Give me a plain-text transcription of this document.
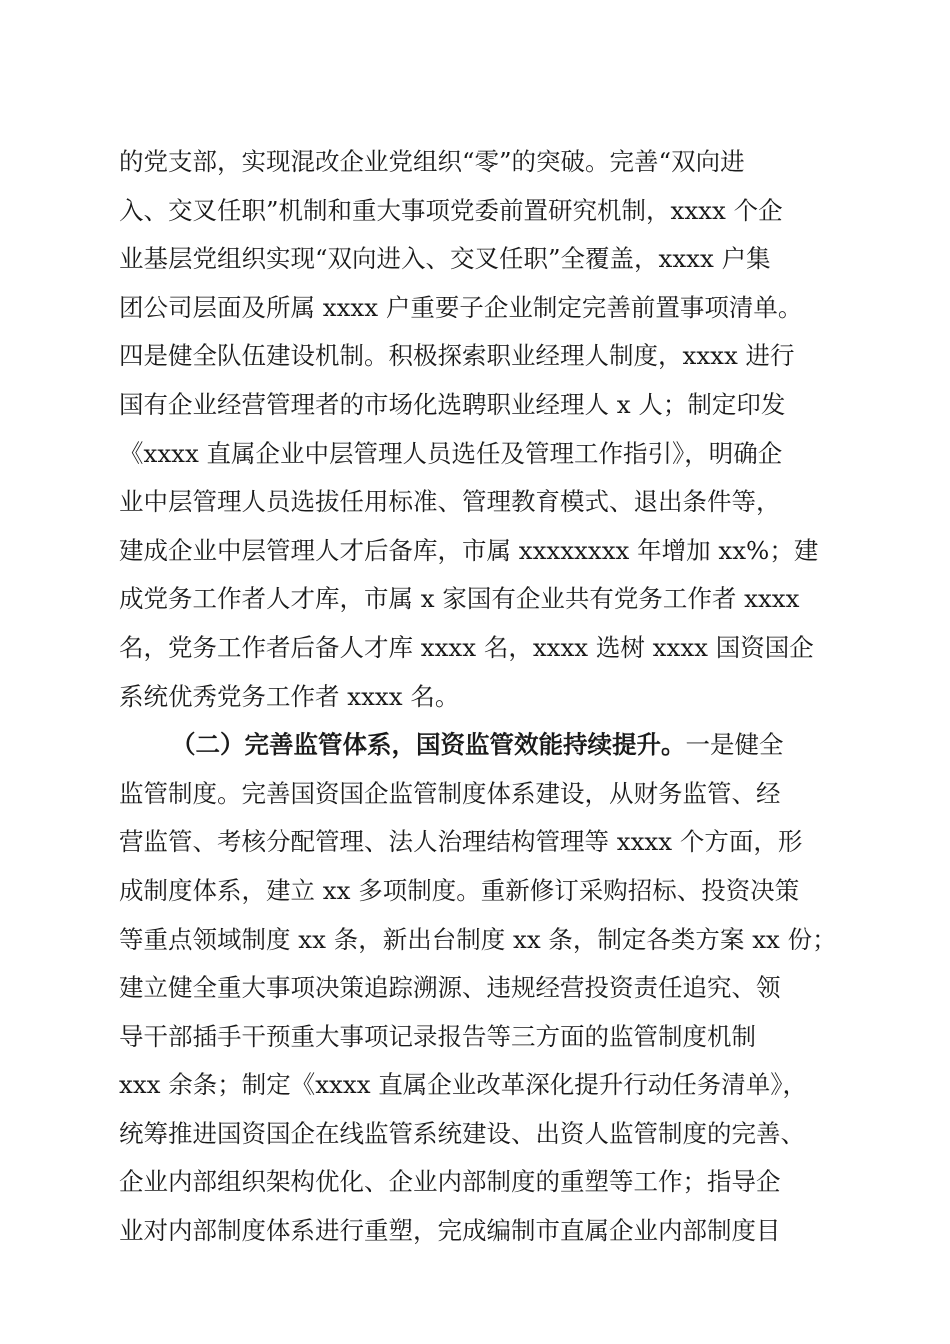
的党支部，实现混改企业党组织“零”的突破。完善“双向进
入、交叉任职”机制和重大事项党委前置研究机制，xxxx 个企
业基层党组织实现“双向进入、交叉任职”全覆盖，xxxx 户集
团公司层面及所属 xxxx 户重要子企业制定完善前置事项清单。
四是健全队伍建设机制。积极探索职业经理人制度，xxxx 进行
国有企业经营管理者的市场化选聘职业经理人 x 人；制定印发
《xxxx 直属企业中层管理人员选任及管理工作指引》，明确企
业中层管理人员选拔任用标准、管理教育模式、退出条件等，
建成企业中层管理人才后备库，市属 xxxxxxxx 年增加 xx%；建
成党务工作者人才库，市属 x 家国有企业共有党务工作者 xxxx
名，党务工作者后备人才库 xxxx 名，xxxx 选树 xxxx 国资国企
系统优秀党务工作者 xxxx 名。
（二）完善监管体系，国资监管效能持续提升。一是健全
监管制度。完善国资国企监管制度体系建设，从财务监管、经
营监管、考核分配管理、法人治理结构管理等 xxxx 个方面，形
成制度体系，建立 xx 多项制度。重新修订采购招标、投资决策
等重点领域制度 xx 条，新出台制度 xx 条，制定各类方案 xx 份；
建立健全重大事项决策追踪溯源、违规经营投资责任追究、领
导干部插手干预重大事项记录报告等三方面的监管制度机制
xxx 余条；制定《xxxx 直属企业改革深化提升行动任务清单》，
统筹推进国资国企在线监管系统建设、出资人监管制度的完善、
企业内部组织架构优化、企业内部制度的重塑等工作；指导企
业对内部制度体系进行重塑，完成编制市直属企业内部制度目
